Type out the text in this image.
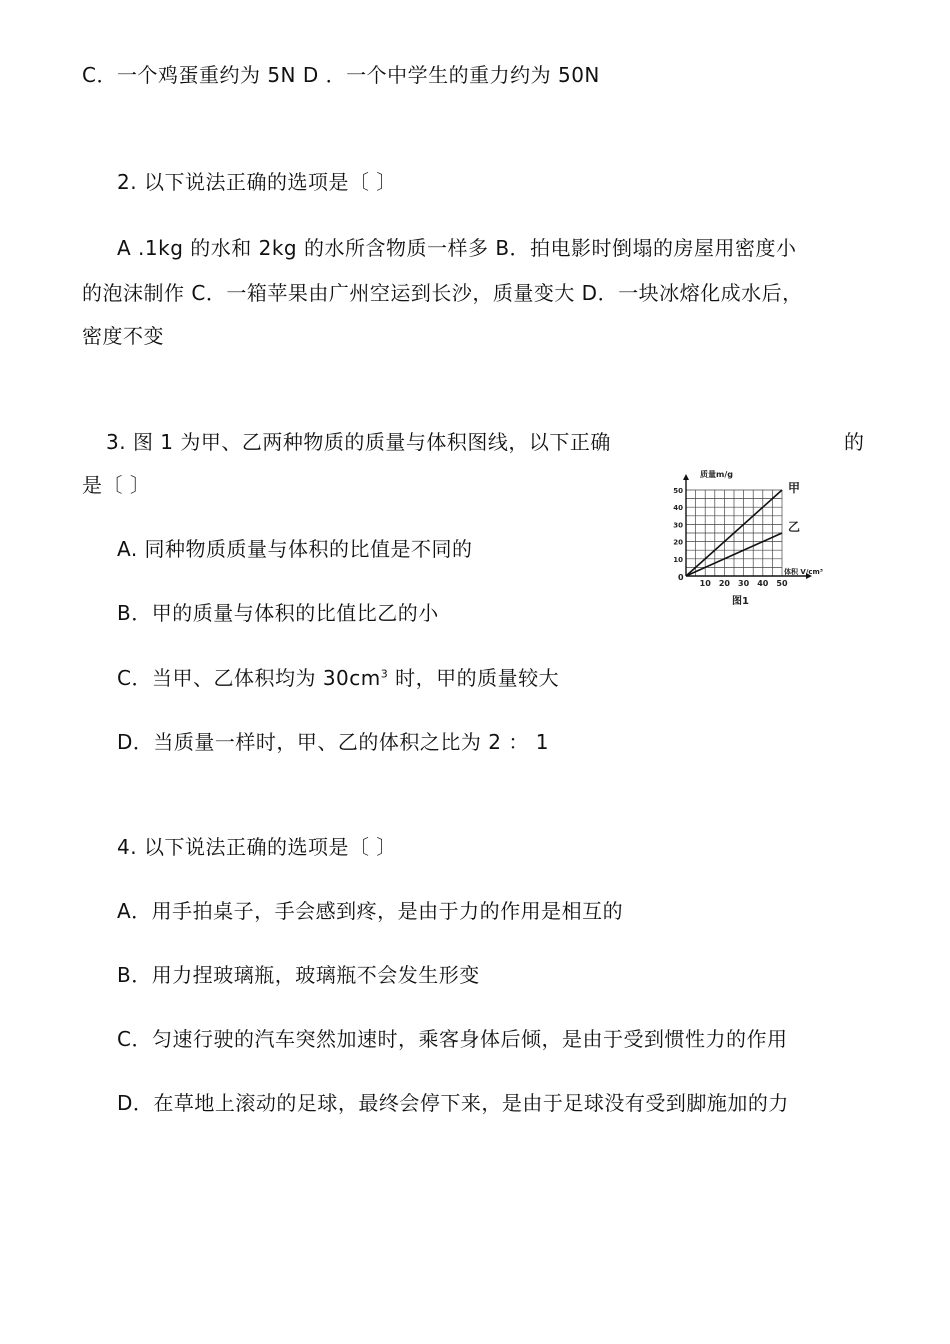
C．一个鸡蛋重约为 5N D ．一个中学生的重力约为 50N
2. 以下说法正确的选项是〔 〕
A .1kg 的水和 2kg 的水所含物质一样多 B．拍电影时倒塌的房屋用密度小
的泡沫制作 C．一箱苹果由广州空运到长沙，质量变大 D．一块冰熔化成水后，
密度不变
3. 图 1 为甲、乙两种物质的质量与体积图线，以下正确	的
是〔 〕
A. 同种物质质量与体积的比值是不同的
B．甲的质量与体积的比值比乙的小
C．当甲、乙体积均为 $30cm^3$ 时，甲的质量较大
D．当质量一样时，甲、乙的体积之比为 2 ： 1
4. 以下说法正确的选项是〔 〕
A．用手拍桌子，手会感到疼，是由于力的作用是相互的
B．用力捏玻璃瓶，玻璃瓶不会发生形变
C．匀速行驶的汽车突然加速时，乘客身体后倾，是由于受到惯性力的作用
D．在草地上滚动的足球，最终会停下来，是由于足球没有受到脚施加的力
10 20 30 40 50
10
20
30
40
50	甲
乙
质量m/g
体积 V/cm³
0
图1
